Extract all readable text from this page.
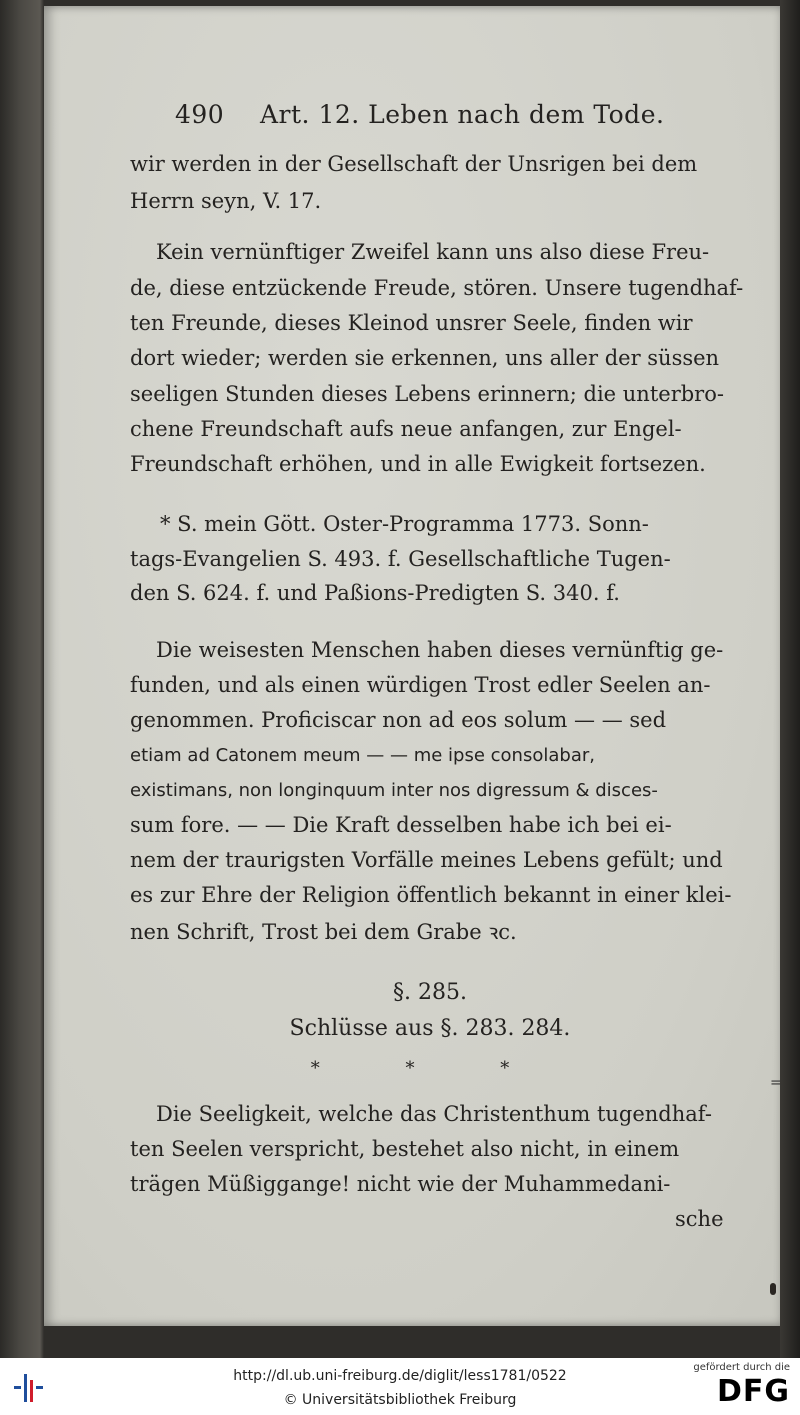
=
490 Art. 12. Leben nach dem Tode.
wir werden in der Gesellschaft der Unsrigen bei dem
Herrn seyn, V. 17.
Kein vernünftiger Zweifel kann uns also diese Freu-
de, diese entzückende Freude, stören. Unsere tugendhaf-
ten Freunde, dieses Kleinod unsrer Seele, finden wir
dort wieder; werden sie erkennen, uns aller der süssen
seeligen Stunden dieses Lebens erinnern; die unterbro-
chene Freundschaft aufs neue anfangen, zur Engel-
Freundschaft erhöhen, und in alle Ewigkeit fortsezen.
* S. mein Gött. Oster-Programma 1773. Sonn-
tags-Evangelien S. 493. f. Gesellschaftliche Tugen-
den S. 624. f. und Paßions-Predigten S. 340. f.
Die weisesten Menschen haben dieses vernünftig ge-
funden, und als einen würdigen Trost edler Seelen an-
genommen. Proficiscar non ad eos solum — — sed
etiam ad Catonem meum — — me ipse consolabar,
existimans, non longinquum inter nos digressum & disces-
sum fore. — — Die Kraft desselben habe ich bei ei-
nem der traurigsten Vorfälle meines Lebens gefült; und
es zur Ehre der Religion öffentlich bekannt in einer klei-
nen Schrift, Trost bei dem Grabe ꝛc.
§. 285.
Schlüsse aus §. 283. 284.
* * *
Die Seeligkeit, welche das Christenthum tugendhaf-
ten Seelen verspricht, bestehet also nicht, in einem
trägen Müßiggange! nicht wie der Muhammedani-
sche
http://dl.ub.uni-freiburg.de/diglit/less1781/0522
© Universitätsbibliothek Freiburg
gefördert durch die
DFG
